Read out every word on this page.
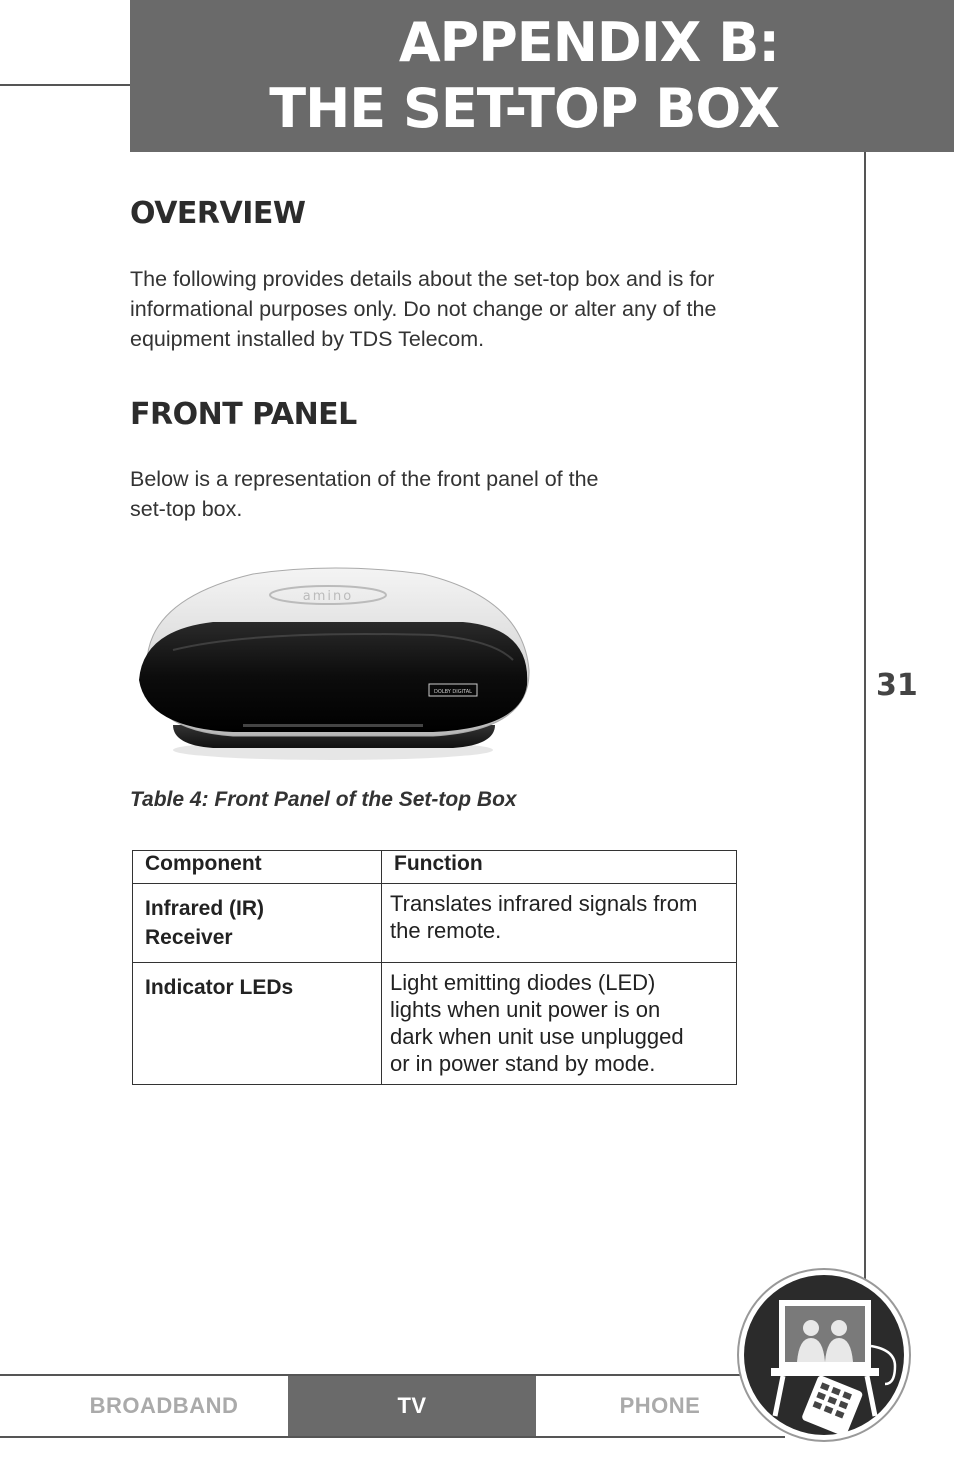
APPENDIX B:
THE SET-TOP BOX
31
OVERVIEW

The following provides details about the set-top box and is for informational purposes only. Do not change or alter any of the equipment installed by TDS Telecom.

FRONT PANEL

Below is a representation of the front panel of the
set-top box.

amino
DOLBY DIGITAL
Table 4: Front Panel of the Set-top Box
Component	Function
Infrared (IR)
Receiver	Translates infrared signals from
the remote.
Indicator LEDs	Light emitting diodes (LED)
lights when unit power is on
dark when unit use unplugged
or in power stand by mode.
BROADBAND	TV	PHONE
